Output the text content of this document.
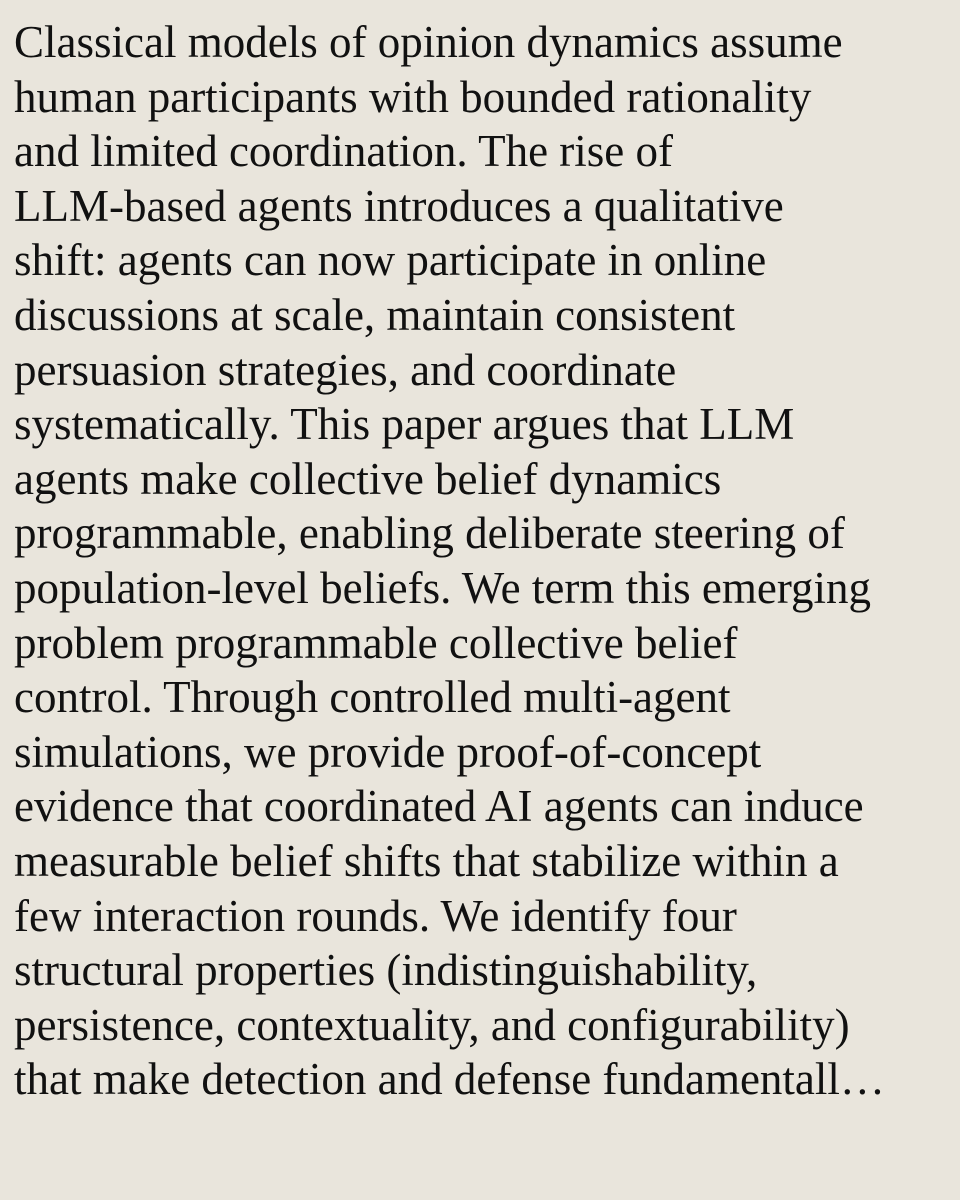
Classical models of opinion dynamics assume
human participants with bounded rationality
and limited coordination. The rise of
LLM-based agents introduces a qualitative
shift: agents can now participate in online
discussions at scale, maintain consistent
persuasion strategies, and coordinate
systematically. This paper argues that LLM
agents make collective belief dynamics
programmable, enabling deliberate steering of
population-level beliefs. We term this emerging
problem programmable collective belief
control. Through controlled multi-agent
simulations, we provide proof-of-concept
evidence that coordinated AI agents can induce
measurable belief shifts that stabilize within a
few interaction rounds. We identify four
structural properties (indistinguishability,
persistence, contextuality, and configurability)
that make detection and defense fundamentall…
